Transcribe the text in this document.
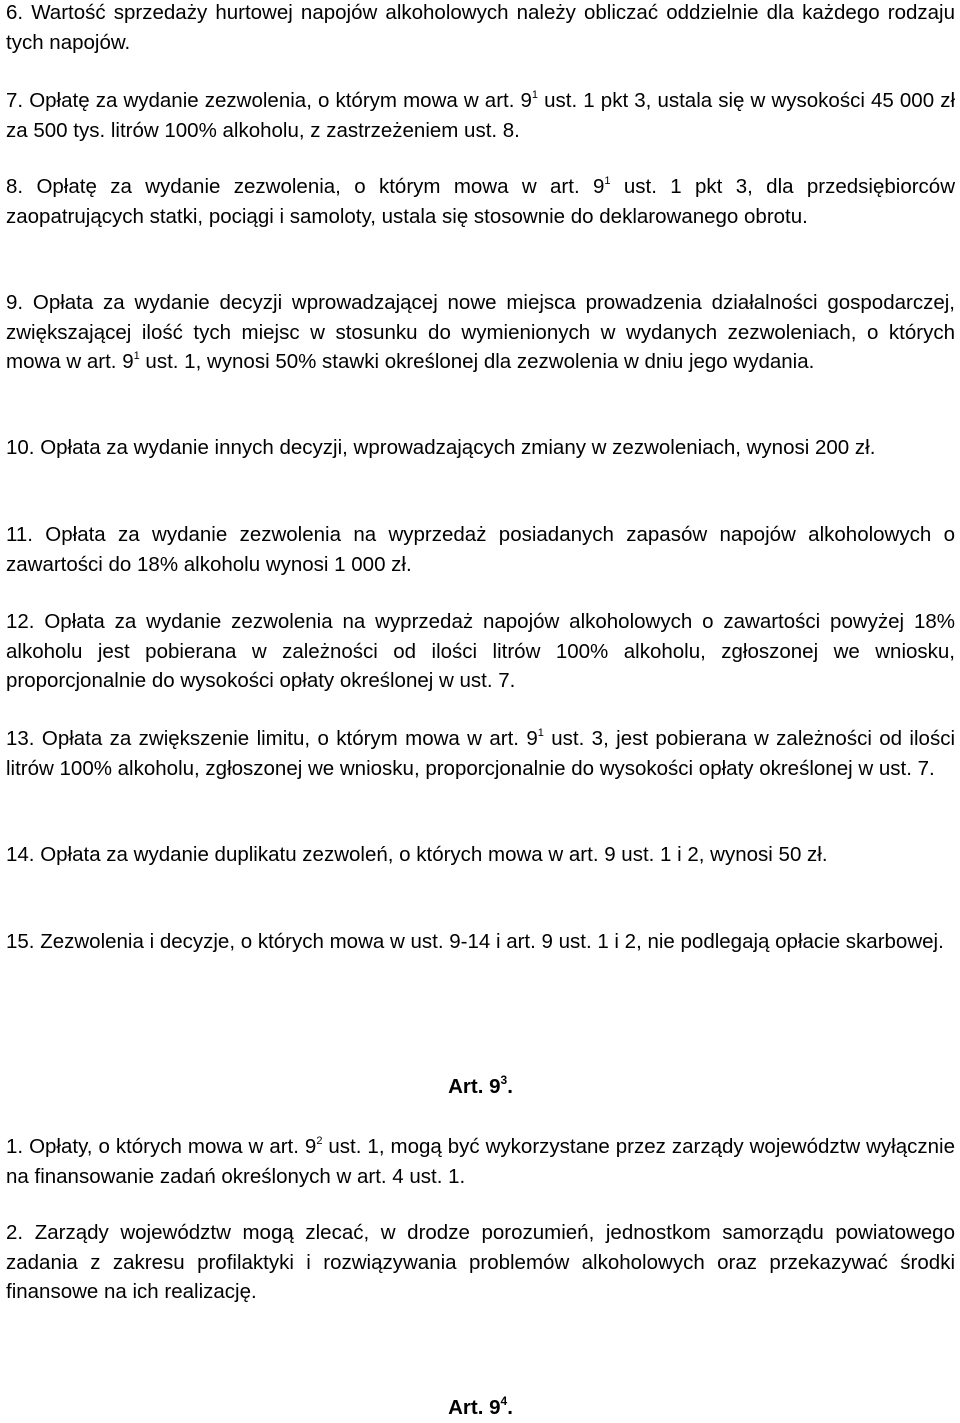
6. Wartość sprzedaży hurtowej napojów alkoholowych należy obliczać oddzielnie dla każdego rodzaju tych napojów.

7. Opłatę za wydanie zezwolenia, o którym mowa w art. $9^1$ ust. 1 pkt 3, ustala się w wysokości 45 000 zł za 500 tys. litrów 100% alkoholu, z zastrzeżeniem ust. 8.

8. Opłatę za wydanie zezwolenia, o którym mowa w art. $9^1$ ust. 1 pkt 3, dla przedsiębiorców zaopatrujących statki, pociągi i samoloty, ustala się stosownie do deklarowanego obrotu.

9. Opłata za wydanie decyzji wprowadzającej nowe miejsca prowadzenia działalności gospodarczej, zwiększającej ilość tych miejsc w stosunku do wymienionych w wydanych zezwoleniach, o których mowa w art. $9^1$ ust. 1, wynosi 50% stawki określonej dla zezwolenia w dniu jego wydania.

10. Opłata za wydanie innych decyzji, wprowadzających zmiany w zezwoleniach, wynosi 200 zł.

11. Opłata za wydanie zezwolenia na wyprzedaż posiadanych zapasów napojów alkoholowych o zawartości do 18% alkoholu wynosi 1 000 zł.

12. Opłata za wydanie zezwolenia na wyprzedaż napojów alkoholowych o zawartości powyżej 18% alkoholu jest pobierana w zależności od ilości litrów 100% alkoholu, zgłoszonej we wniosku, proporcjonalnie do wysokości opłaty określonej w ust. 7.

13. Opłata za zwiększenie limitu, o którym mowa w art. $9^1$ ust. 3, jest pobierana w zależności od ilości litrów 100% alkoholu, zgłoszonej we wniosku, proporcjonalnie do wysokości opłaty określonej w ust. 7.

14. Opłata za wydanie duplikatu zezwoleń, o których mowa w art. 9 ust. 1 i 2, wynosi 50 zł.

15. Zezwolenia i decyzje, o których mowa w ust. 9-14 i art. 9 ust. 1 i 2, nie podlegają opłacie skarbowej.

Art. $9^3$.

1. Opłaty, o których mowa w art. $9^2$ ust. 1, mogą być wykorzystane przez zarządy województw wyłącznie na finansowanie zadań określonych w art. 4 ust. 1.

2. Zarządy województw mogą zlecać, w drodze porozumień, jednostkom samorządu powiatowego zadania z zakresu profilaktyki i rozwiązywania problemów alkoholowych oraz przekazywać środki finansowe na ich realizację.

Art. $9^4$.
